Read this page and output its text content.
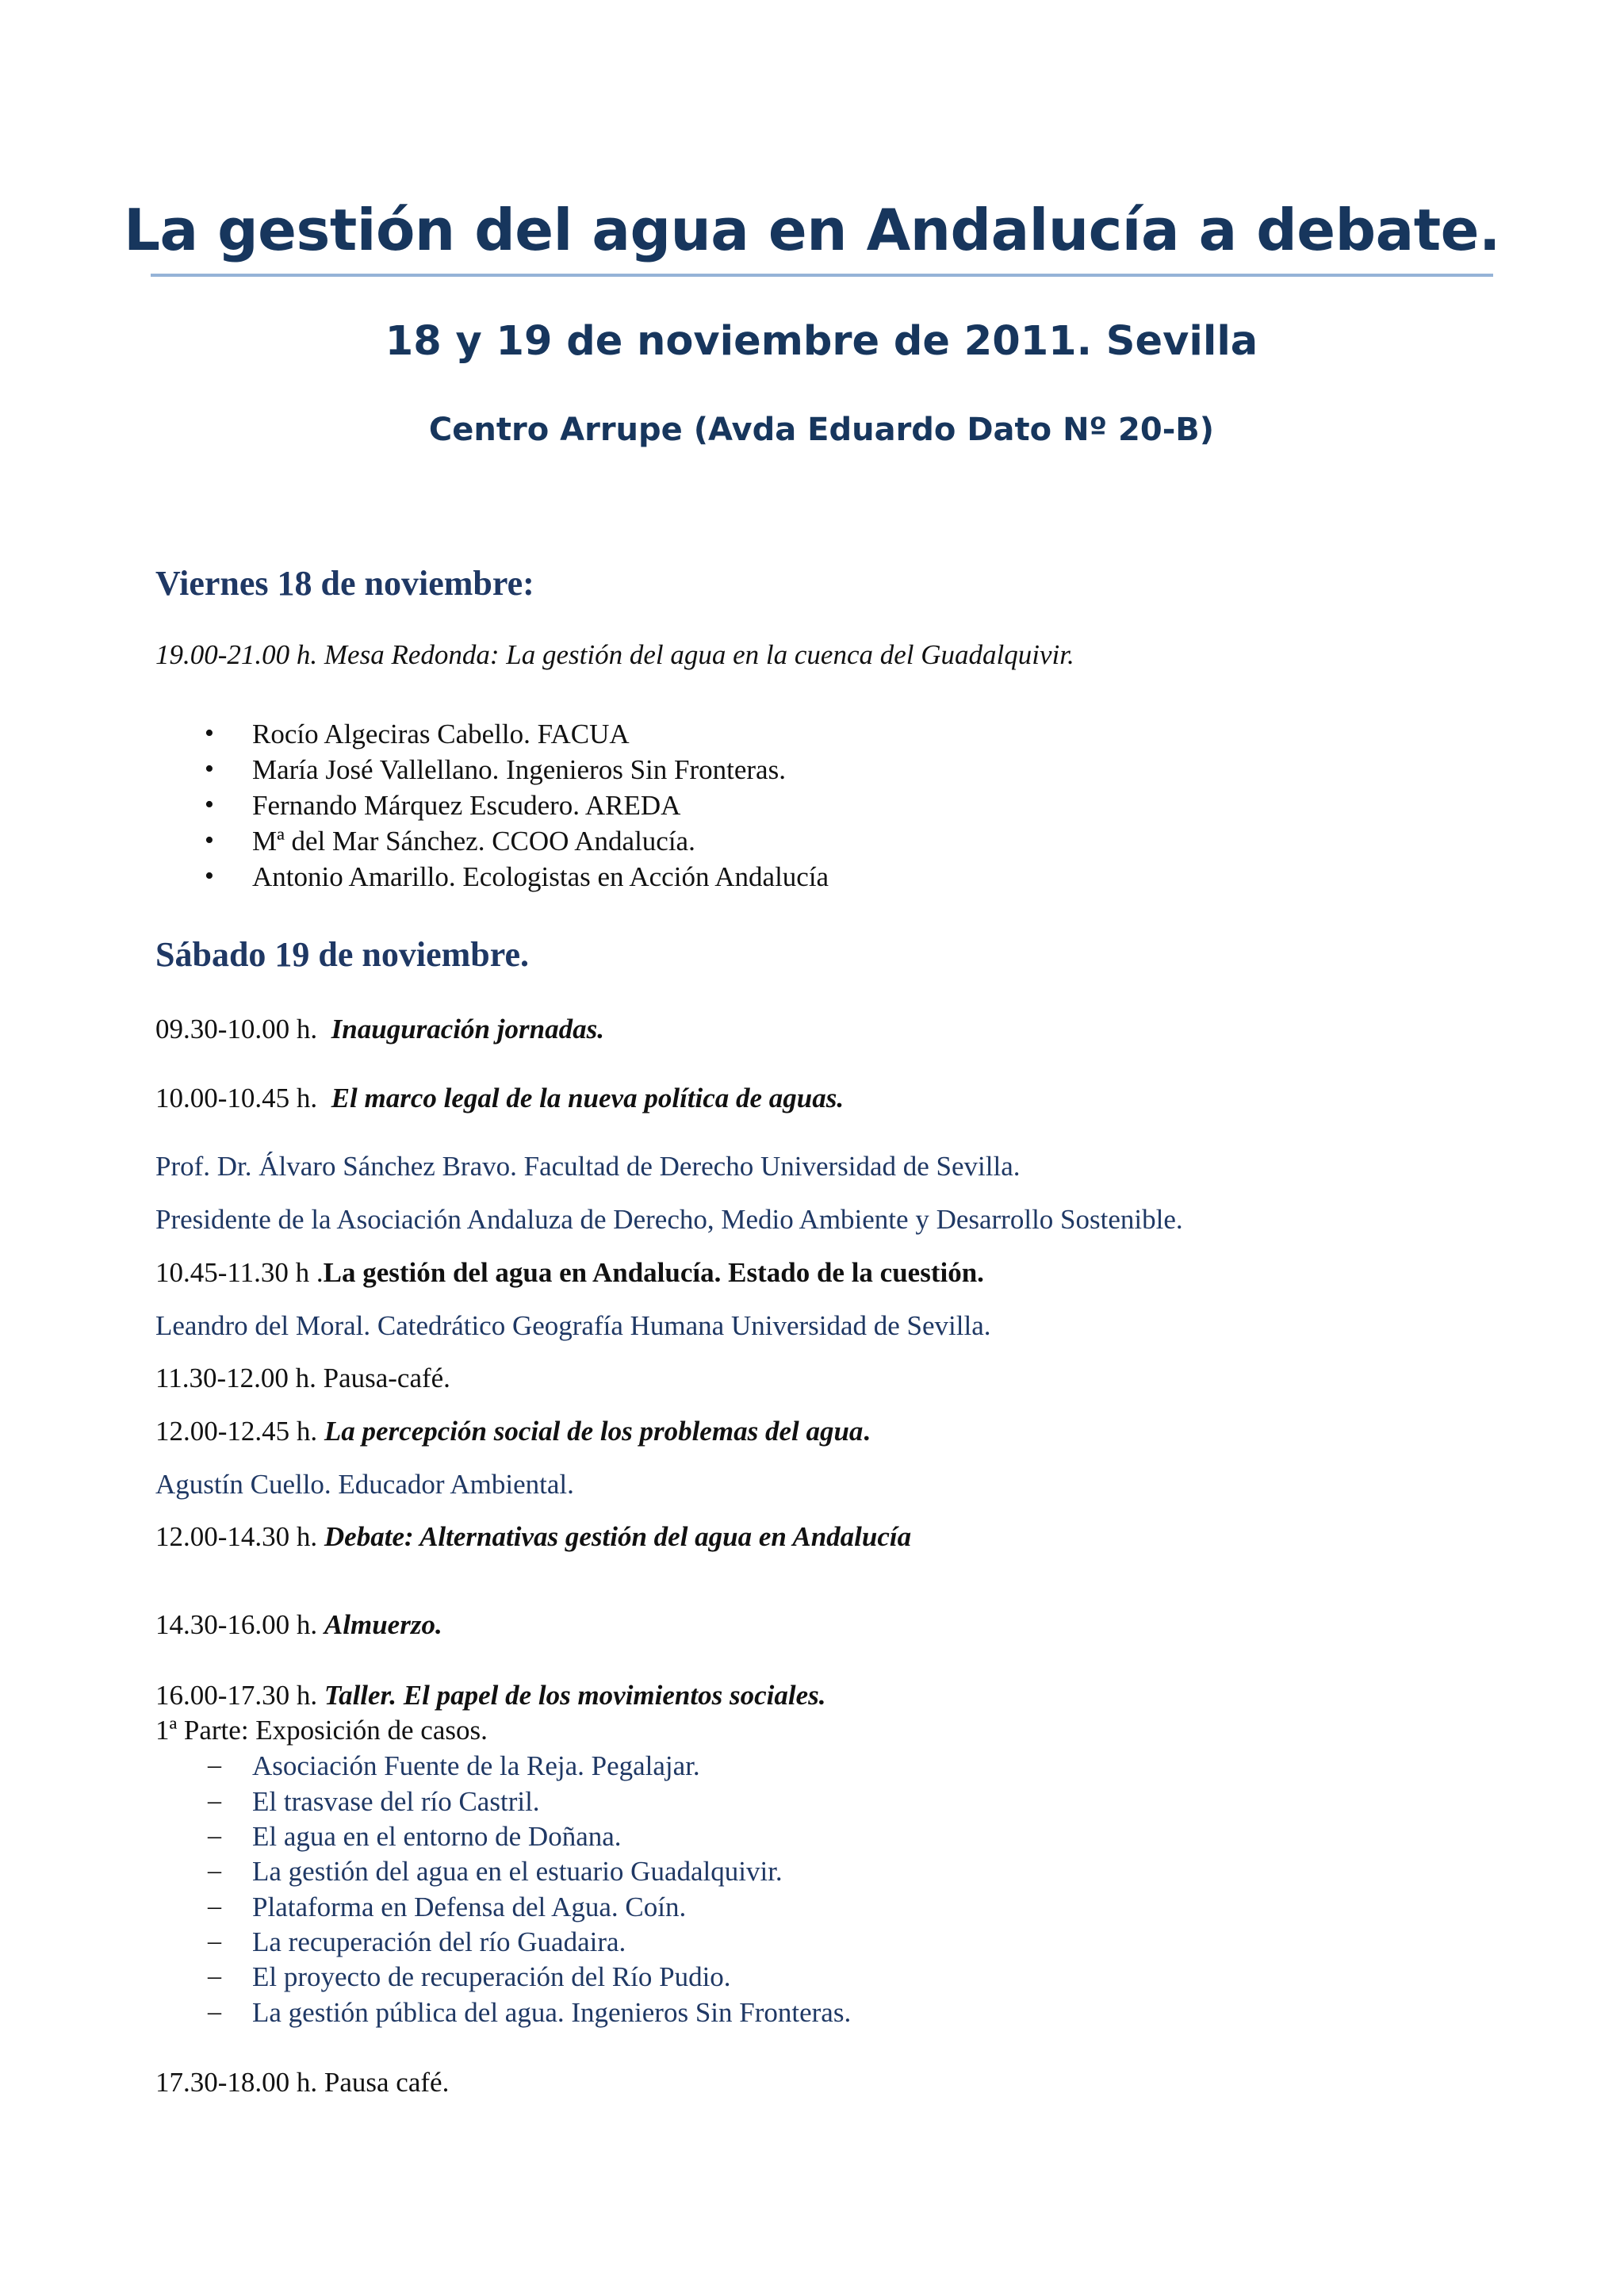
La gestión del agua en Andalucía a debate.
18 y 19 de noviembre de 2011. Sevilla
Centro Arrupe (Avda Eduardo Dato Nº 20-B)
Viernes 18 de noviembre:
19.00-21.00 h. Mesa Redonda: La gestión del agua en la cuenca del Guadalquivir.
• Rocío Algeciras Cabello. FACUA
• María José Vallellano. Ingenieros Sin Fronteras.
• Fernando Márquez Escudero. AREDA
• Mª del Mar Sánchez. CCOO Andalucía.
• Antonio Amarillo. Ecologistas en Acción Andalucía
Sábado 19 de noviembre.
09.30-10.00 h.  Inauguración jornadas.
10.00-10.45 h.  El marco legal de la nueva política de aguas.
Prof. Dr. Álvaro Sánchez Bravo. Facultad de Derecho Universidad de Sevilla.
Presidente de la Asociación Andaluza de Derecho, Medio Ambiente y Desarrollo Sostenible.
10.45-11.30 h .La gestión del agua en Andalucía. Estado de la cuestión.
Leandro del Moral. Catedrático Geografía Humana Universidad de Sevilla.
11.30-12.00 h. Pausa-café.
12.00-12.45 h. La percepción social de los problemas del agua.
Agustín Cuello. Educador Ambiental.
12.00-14.30 h. Debate: Alternativas gestión del agua en Andalucía
14.30-16.00 h. Almuerzo.
16.00-17.30 h. Taller. El papel de los movimientos sociales.
1ª Parte: Exposición de casos.
– Asociación Fuente de la Reja. Pegalajar.
– El trasvase del río Castril.
– El agua en el entorno de Doñana.
– La gestión del agua en el estuario Guadalquivir.
– Plataforma en Defensa del Agua. Coín.
– La recuperación del río Guadaira.
– El proyecto de recuperación del Río Pudio.
– La gestión pública del agua. Ingenieros Sin Fronteras.
17.30-18.00 h. Pausa café.
